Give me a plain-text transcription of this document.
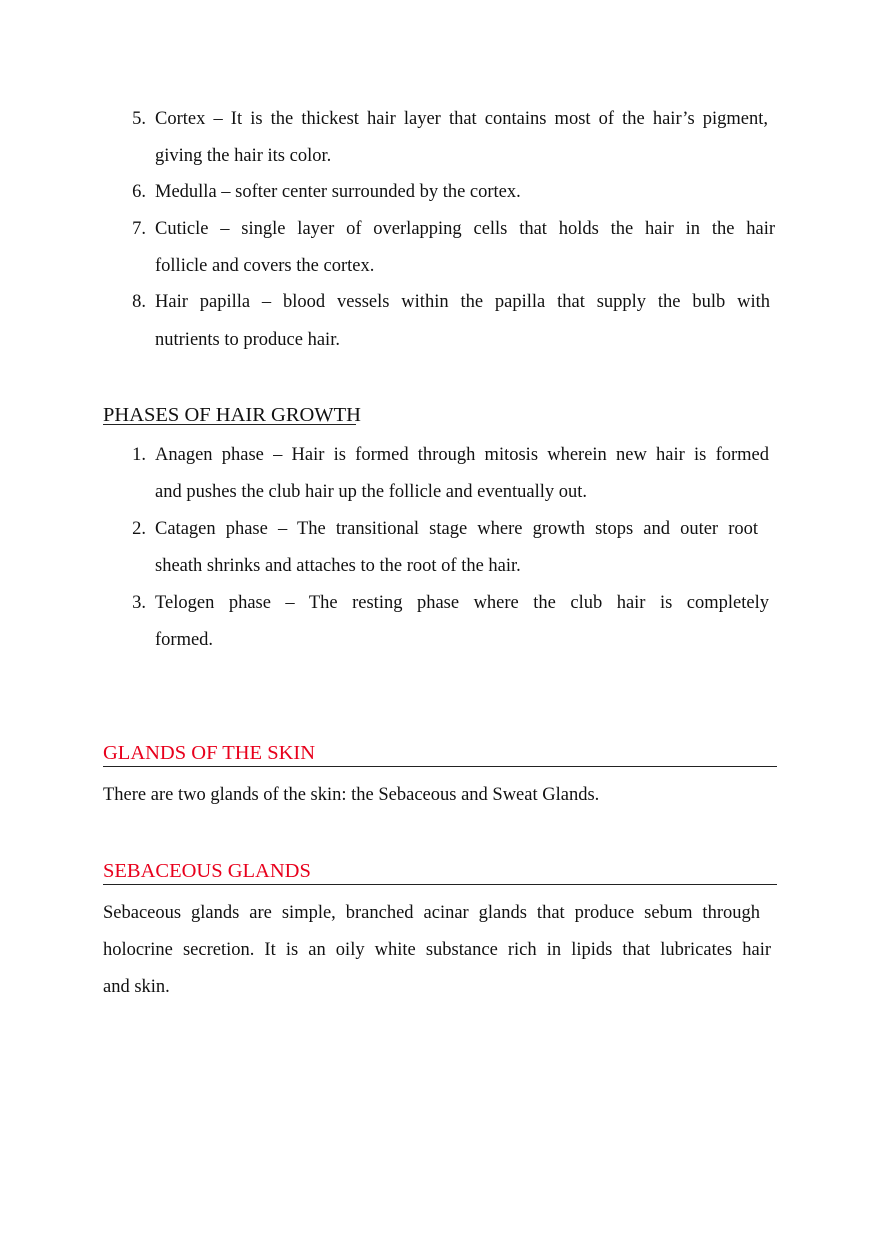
5. Cortex – It is the thickest hair layer that contains most of the hair’s pigment,
giving the hair its color.
6. Medulla – softer center surrounded by the cortex.
7. Cuticle – single layer of overlapping cells that holds the hair in the hair
follicle and covers the cortex.
8. Hair papilla – blood vessels within the papilla that supply the bulb with
nutrients to produce hair.
PHASES OF HAIR GROWTH
1. Anagen phase – Hair is formed through mitosis wherein new hair is formed
and pushes the club hair up the follicle and eventually out.
2. Catagen phase – The transitional stage where growth stops and outer root
sheath shrinks and attaches to the root of the hair.
3. Telogen phase – The resting phase where the club hair is completely
formed.
GLANDS OF THE SKIN
There are two glands of the skin: the Sebaceous and Sweat Glands.
SEBACEOUS GLANDS
Sebaceous glands are simple, branched acinar glands that produce sebum through
holocrine secretion. It is an oily white substance rich in lipids that lubricates hair
and skin.
